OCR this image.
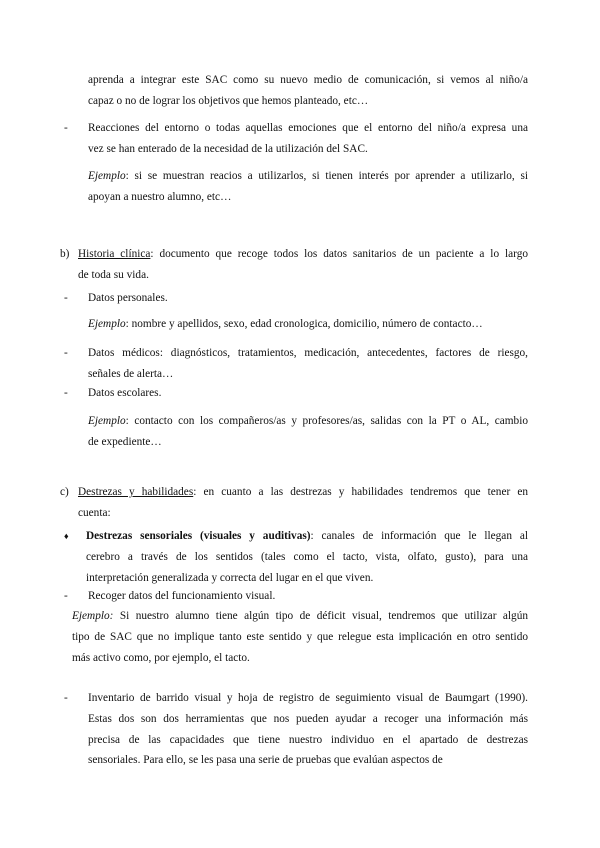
aprenda a integrar este SAC como su nuevo medio de comunicación, si vemos al niño/a
capaz o no de lograr los objetivos que hemos planteado, etc…
- Reacciones del entorno o todas aquellas emociones que el entorno del niño/a expresa una
vez se han enterado de la necesidad de la utilización del SAC.
Ejemplo: si se muestran reacios a utilizarlos, si tienen interés por aprender a utilizarlo, si
apoyan a nuestro alumno, etc…
b) Historia clínica: documento que recoge todos los datos sanitarios de un paciente a lo largo
de toda su vida.
- Datos personales.
Ejemplo: nombre y apellidos, sexo, edad cronologica, domicilio, número de contacto…
- Datos médicos: diagnósticos, tratamientos, medicación, antecedentes, factores de riesgo,
señales de alerta…
- Datos escolares.
Ejemplo: contacto con los compañeros/as y profesores/as, salidas con la PT o AL, cambio
de expediente…
c) Destrezas y habilidades: en cuanto a las destrezas y habilidades tendremos que tener en
cuenta:
♦ Destrezas sensoriales (visuales y auditivas): canales de información que le llegan al
cerebro a través de los sentidos (tales como el tacto, vista, olfato, gusto), para una
interpretación generalizada y correcta del lugar en el que viven.
- Recoger datos del funcionamiento visual.
Ejemplo: Si nuestro alumno tiene algún tipo de déficit visual, tendremos que utilizar algún
tipo de SAC que no implique tanto este sentido y que relegue esta implicación en otro sentido
más activo como, por ejemplo, el tacto.
- Inventario de barrido visual y hoja de registro de seguimiento visual de Baumgart (1990).
Estas dos son dos herramientas que nos pueden ayudar a recoger una información más
precisa de las capacidades que tiene nuestro individuo en el apartado de destrezas
sensoriales. Para ello, se les pasa una serie de pruebas que evalúan aspectos de
